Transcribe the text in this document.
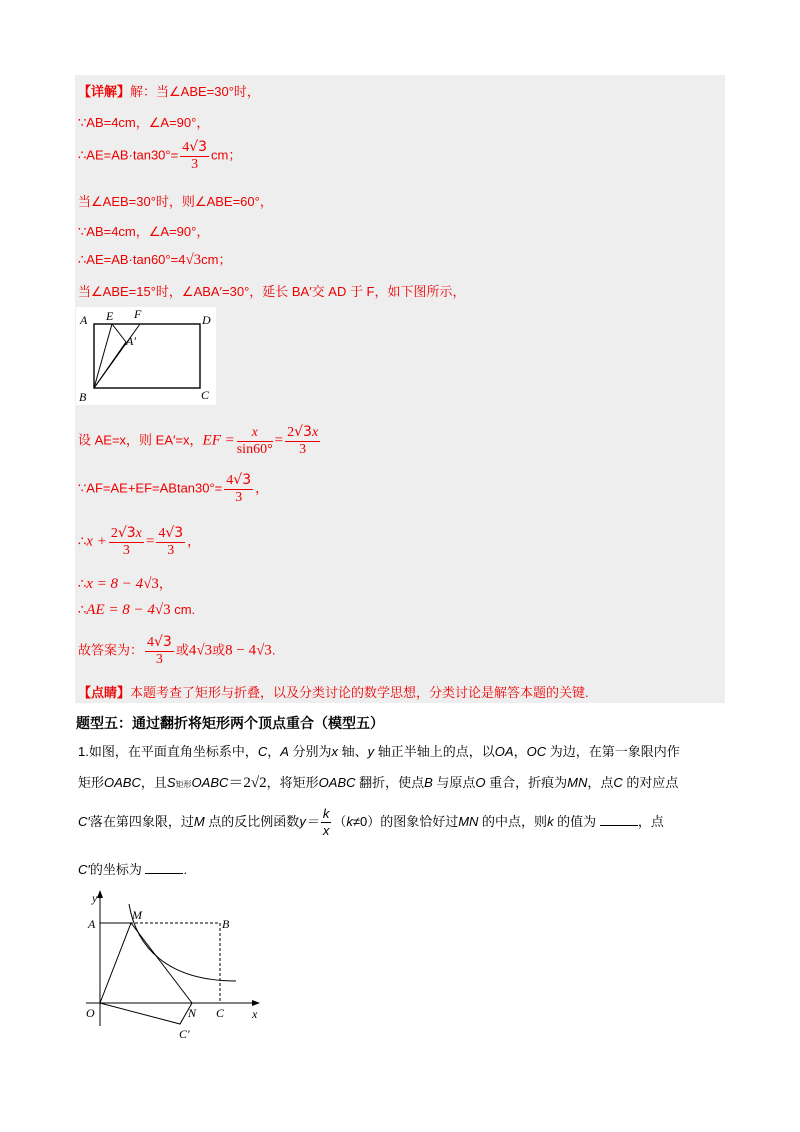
【详解】解：当∠ABE=30°时，
∵AB=4cm，∠A=90°，
∴AE=AB·tan30°= $\frac{4√3}{3}$ cm；
当∠AEB=30°时，则∠ABE=60°，
∵AB=4cm，∠A=90°，
∴AE=AB·tan60°=4√3cm；
当∠ABE=15°时，∠ABA′=30°，延长 BA′交 AD 于 F，如下图所示，
A E F	D
A′
B	C
设 AE=x，则 EA′=x，EF = $\frac{x}{\sin 60^\circ} = \frac{2√3x}{3}$
∵AF=AE+EF=ABtan30°= $\frac{4√3}{3}$ ，
∴x + $\frac{2√3x}{3} = \frac{4√3}{3}$ ，
∴x = 8 − 4√3，
∴AE = 8 − 4√3 cm.
故答案为： $\frac{4√3}{3}$ 或4√3或8 − 4√3.
【点睛】本题考查了矩形与折叠，以及分类讨论的数学思想，分类讨论是解答本题的关键.
题型五：通过翻折将矩形两个顶点重合（模型五）
1.如图，在平面直角坐标系中，C，A 分别为x 轴、y 轴正半轴上的点，以OA，OC 为边，在第一象限内作
矩形OABC，且S矩形OABC＝2√2，将矩形OABC 翻折，使点B 与原点O 重合，折痕为MN，点C 的对应点
C′落在第四象限，过M 点的反比例函数$y= \frac{k}{x} (k\ne 0)$的图象恰好过MN 的中点，则k 的值为	，点
C′的坐标为	.
y
x
A
M
B
O	N C
C′
